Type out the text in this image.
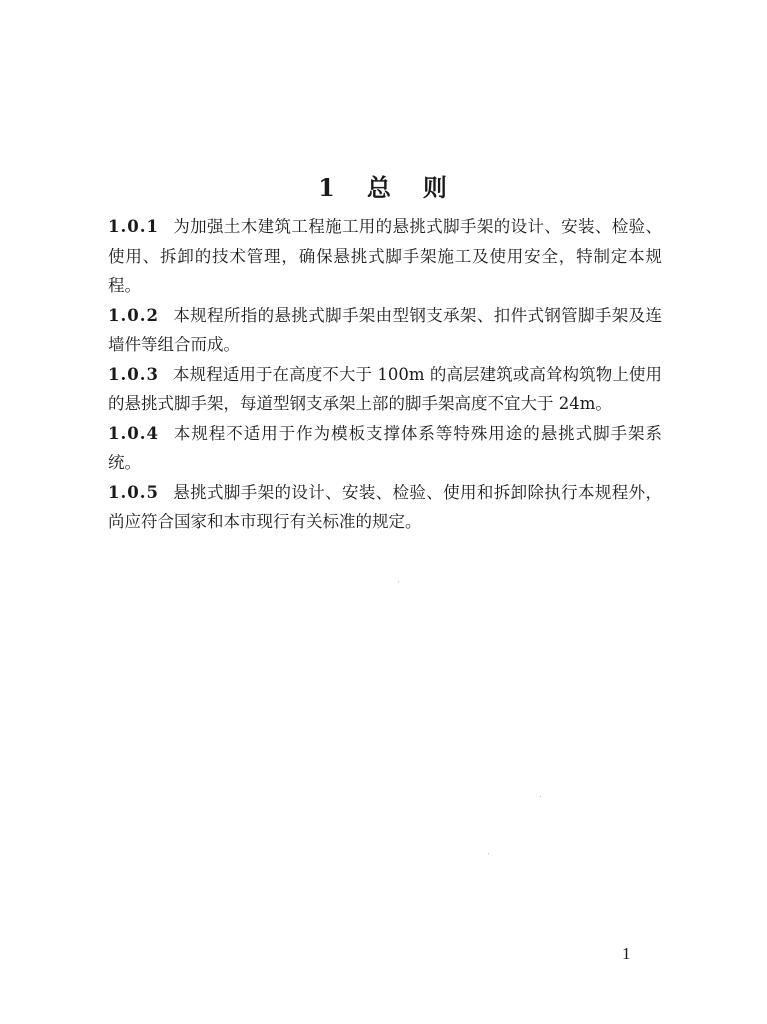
1 总 则

1.0.1 为加强土木建筑工程施工用的悬挑式脚手架的设计、安装、检验、使用、拆卸的技术管理，确保悬挑式脚手架施工及使用安全，特制定本规程。

1.0.2 本规程所指的悬挑式脚手架由型钢支承架、扣件式钢管脚手架及连墙件等组合而成。

1.0.3 本规程适用于在高度不大于 100m 的高层建筑或高耸构筑物上使用的悬挑式脚手架，每道型钢支承架上部的脚手架高度不宜大于 24m。

1.0.4 本规程不适用于作为模板支撑体系等特殊用途的悬挑式脚手架系统。

1.0.5 悬挑式脚手架的设计、安装、检验、使用和拆卸除执行本规程外，尚应符合国家和本市现行有关标准的规定。

1
